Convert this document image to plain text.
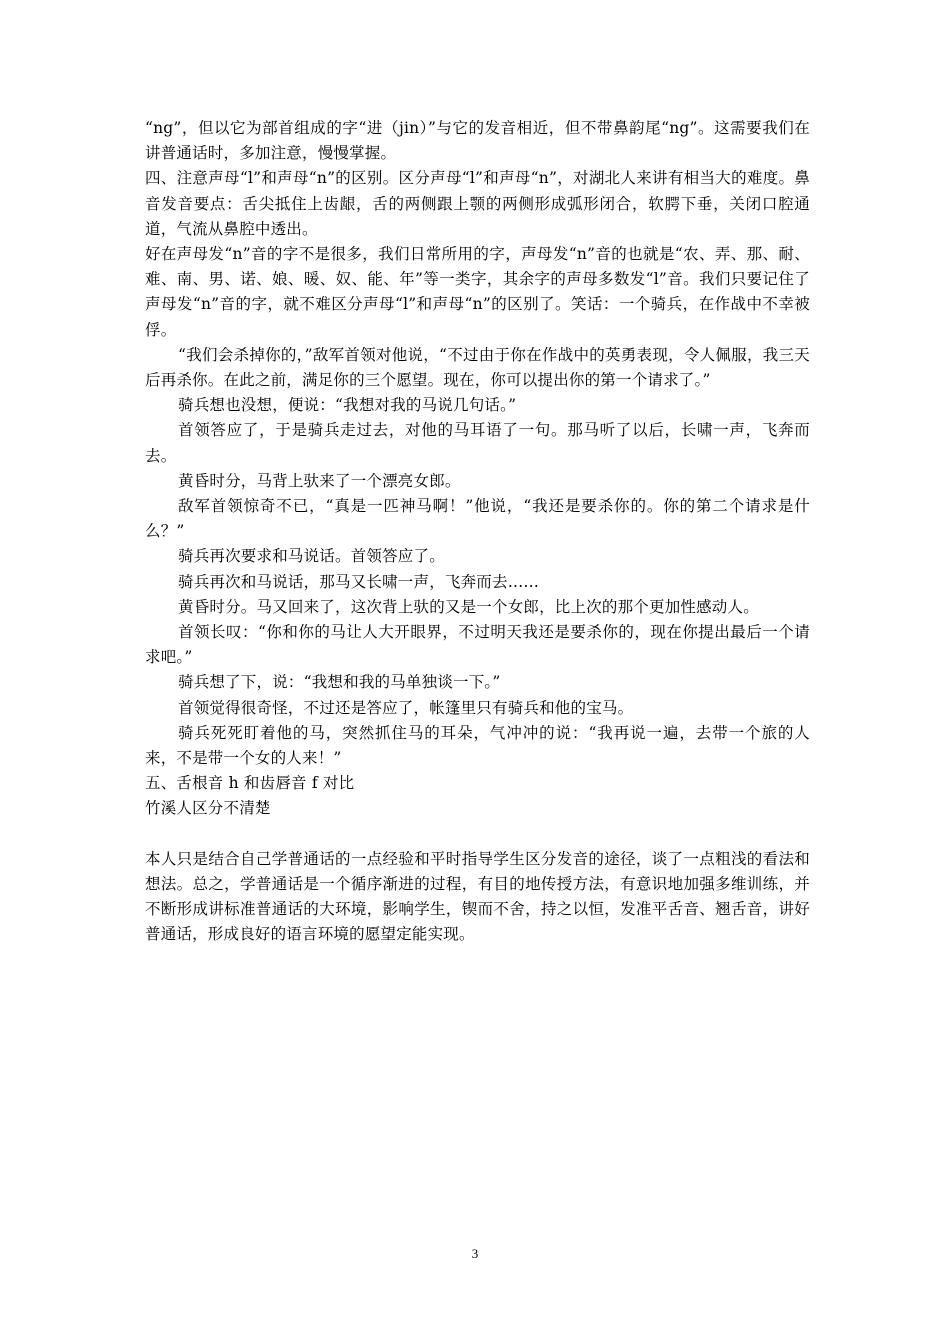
“ng”，但以它为部首组成的字“进（jin）”与它的发音相近，但不带鼻韵尾“ng”。这需要我们在讲普通话时，多加注意，慢慢掌握。

四、注意声母“l”和声母“n”的区别。区分声母“l”和声母“n”，对湖北人来讲有相当大的难度。鼻音发音要点：舌尖抵住上齿龈，舌的两侧跟上颚的两侧形成弧形闭合，软腭下垂，关闭口腔通道，气流从鼻腔中透出。

好在声母发“n”音的字不是很多，我们日常所用的字，声母发“n”音的也就是“农、弄、那、耐、难、南、男、诺、娘、暖、奴、能、年”等一类字，其余字的声母多数发“l”音。我们只要记住了声母发“n”音的字，就不难区分声母“l”和声母“n”的区别了。笑话：一个骑兵，在作战中不幸被俘。

“我们会杀掉你的，”敌军首领对他说，“不过由于你在作战中的英勇表现，令人佩服，我三天后再杀你。在此之前，满足你的三个愿望。现在，你可以提出你的第一个请求了。”

骑兵想也没想，便说：“我想对我的马说几句话。”

首领答应了，于是骑兵走过去，对他的马耳语了一句。那马听了以后，长啸一声，飞奔而去。

黄昏时分，马背上驮来了一个漂亮女郎。

敌军首领惊奇不已，“真是一匹神马啊！”他说，“我还是要杀你的。你的第二个请求是什么？”

骑兵再次要求和马说话。首领答应了。

骑兵再次和马说话，那马又长啸一声，飞奔而去……

黄昏时分。马又回来了，这次背上驮的又是一个女郎，比上次的那个更加性感动人。

首领长叹：“你和你的马让人大开眼界，不过明天我还是要杀你的，现在你提出最后一个请求吧。”

骑兵想了下，说：“我想和我的马单独谈一下。”

首领觉得很奇怪，不过还是答应了，帐篷里只有骑兵和他的宝马。

骑兵死死盯着他的马，突然抓住马的耳朵，气冲冲的说：“我再说一遍，去带一个旅的人来，不是带一个女的人来！”

五、舌根音 h 和齿唇音 f 对比

竹溪人区分不清楚

本人只是结合自己学普通话的一点经验和平时指导学生区分发音的途径，谈了一点粗浅的看法和想法。总之，学普通话是一个循序渐进的过程，有目的地传授方法，有意识地加强多维训练，并不断形成讲标准普通话的大环境，影响学生，锲而不舍，持之以恒，发准平舌音、翘舌音，讲好普通话，形成良好的语言环境的愿望定能实现。

3
